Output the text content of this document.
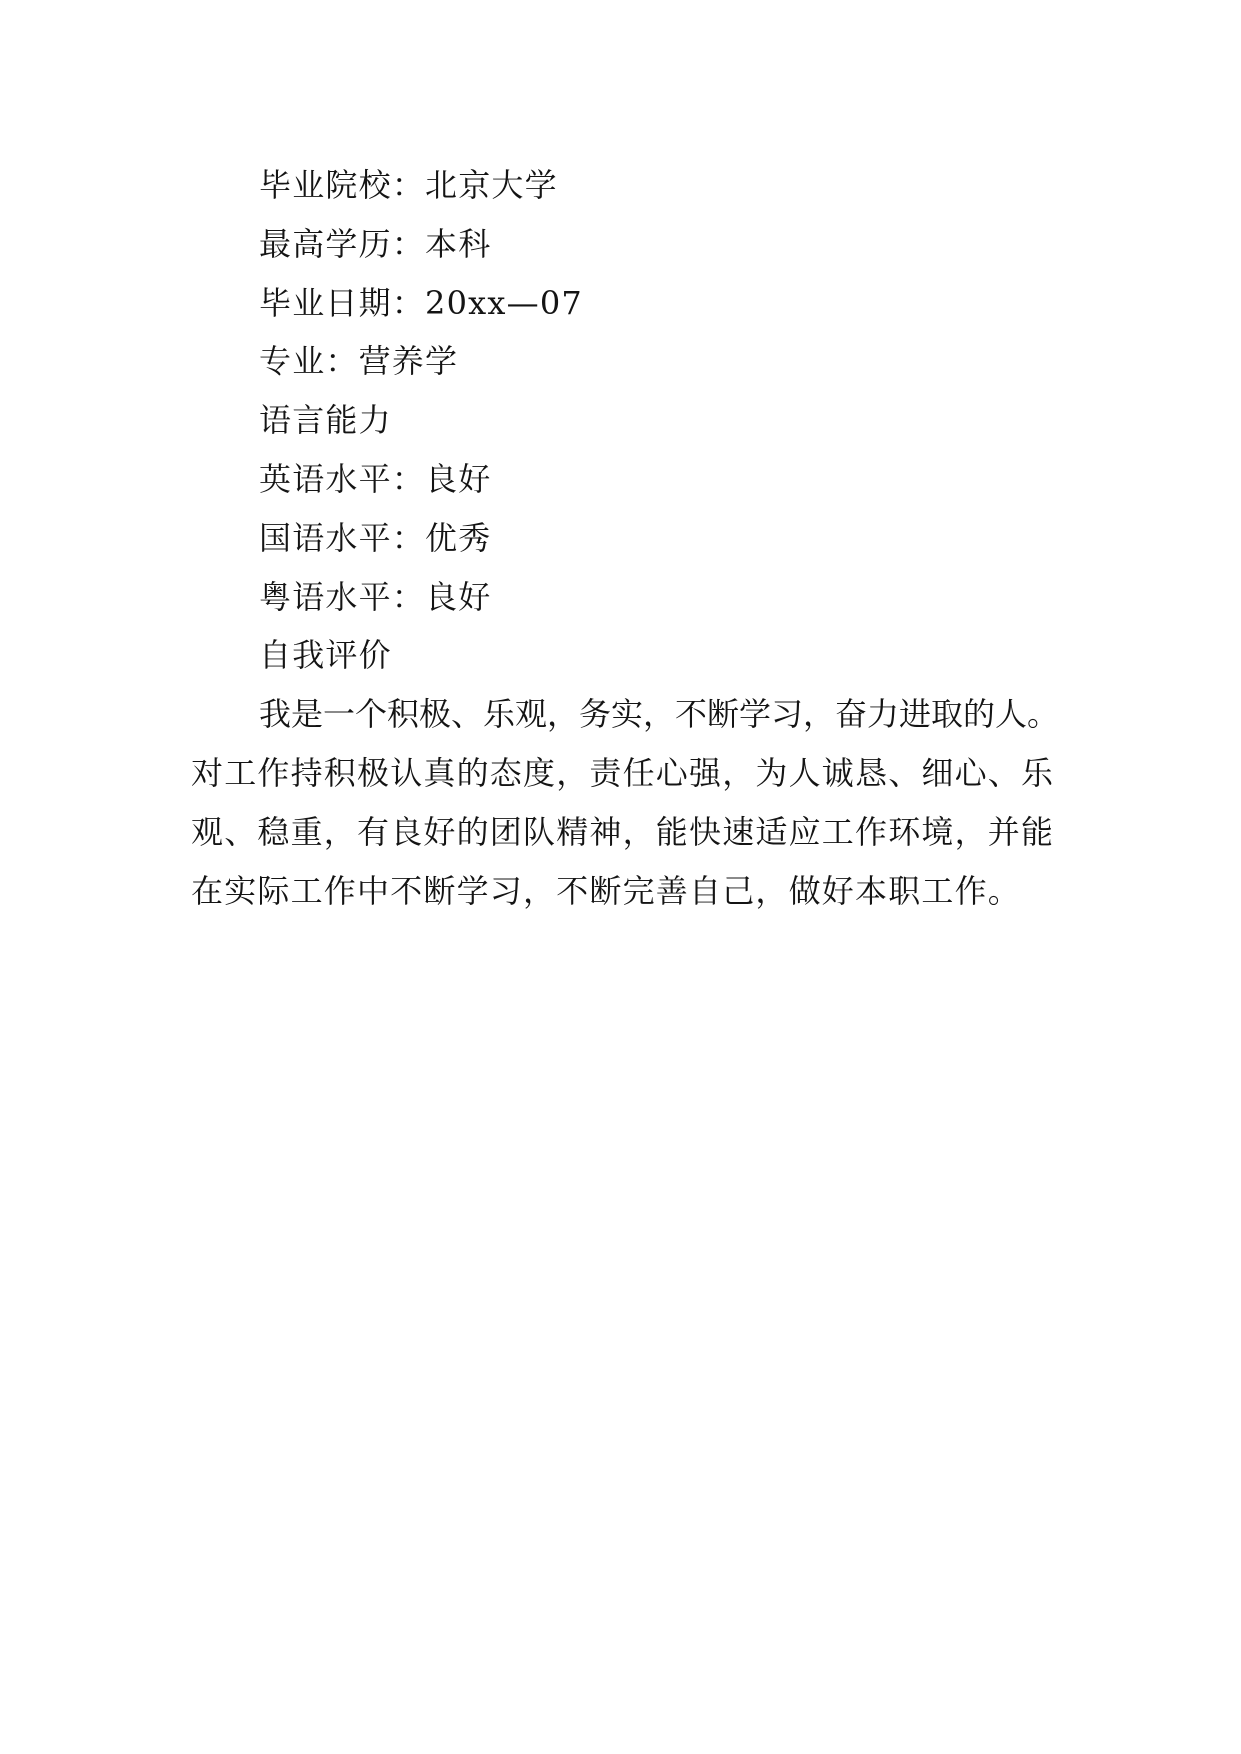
毕业院校：北京大学
最高学历：本科
毕业日期：20xx—07
专业：营养学
语言能力
英语水平：良好
国语水平：优秀
粤语水平：良好
自我评价
我是一个积极、乐观，务实，不断学习，奋力进取的人。
对工作持积极认真的态度，责任心强，为人诚恳、细心、乐
观、稳重，有良好的团队精神，能快速适应工作环境，并能
在实际工作中不断学习，不断完善自己，做好本职工作。
